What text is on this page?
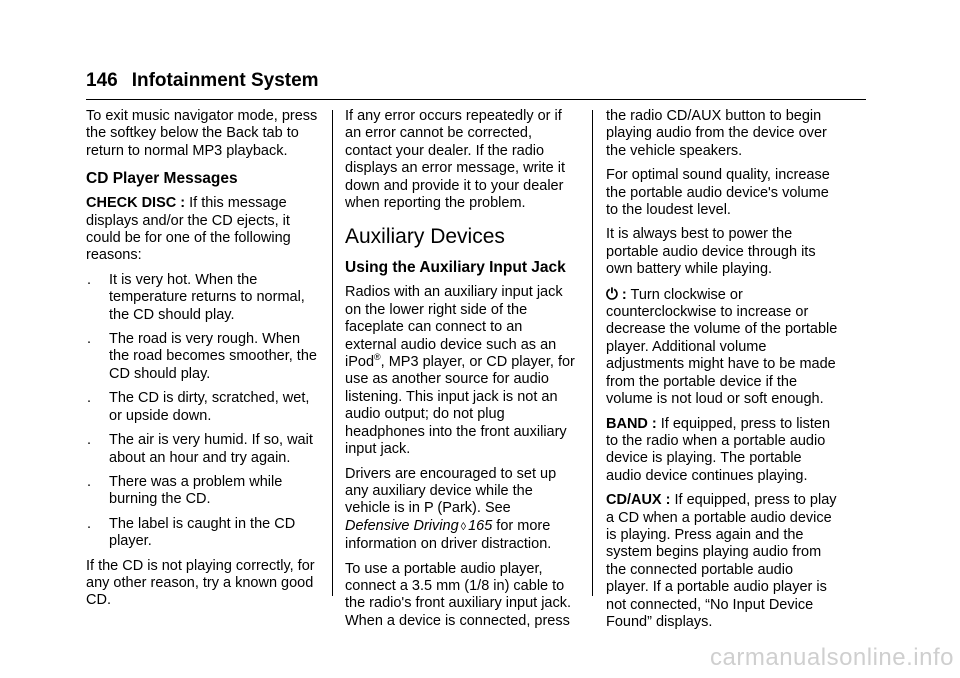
146 Infotainment System

To exit music navigator mode, press the softkey below the Back tab to return to normal MP3 playback.

CD Player Messages

CHECK DISC : If this message displays and/or the CD ejects, it could be for one of the following reasons:

.	It is very hot. When the temperature returns to normal, the CD should play.
.	The road is very rough. When the road becomes smoother, the CD should play.
.	The CD is dirty, scratched, wet, or upside down.
.	The air is very humid. If so, wait about an hour and try again.
.	There was a problem while burning the CD.
.	The label is caught in the CD player.

If the CD is not playing correctly, for any other reason, try a known good CD.

If any error occurs repeatedly or if an error cannot be corrected, contact your dealer. If the radio displays an error message, write it down and provide it to your dealer when reporting the problem.

Auxiliary Devices
Using the Auxiliary Input Jack

Radios with an auxiliary input jack on the lower right side of the faceplate can connect to an external audio device such as an iPod®, MP3 player, or CD player, for use as another source for audio listening. This input jack is not an audio output; do not plug headphones into the front auxiliary input jack.

Drivers are encouraged to set up any auxiliary device while the vehicle is in P (Park). See Defensive Driving ◊ 165 for more information on driver distraction.

To use a portable audio player, connect a 3.5 mm (1/8 in) cable to the radio's front auxiliary input jack. When a device is connected, press

the radio CD/AUX button to begin playing audio from the device over the vehicle speakers.

For optimal sound quality, increase the portable audio device's volume to the loudest level.

It is always best to power the portable audio device through its own battery while playing.

⏻ : Turn clockwise or counterclockwise to increase or decrease the volume of the portable player. Additional volume adjustments might have to be made from the portable device if the volume is not loud or soft enough.

BAND : If equipped, press to listen to the radio when a portable audio device is playing. The portable audio device continues playing.

CD/AUX : If equipped, press to play a CD when a portable audio device is playing. Press again and the system begins playing audio from the connected portable audio player. If a portable audio player is not connected, “No Input Device Found” displays.

carmanualsonline.info
